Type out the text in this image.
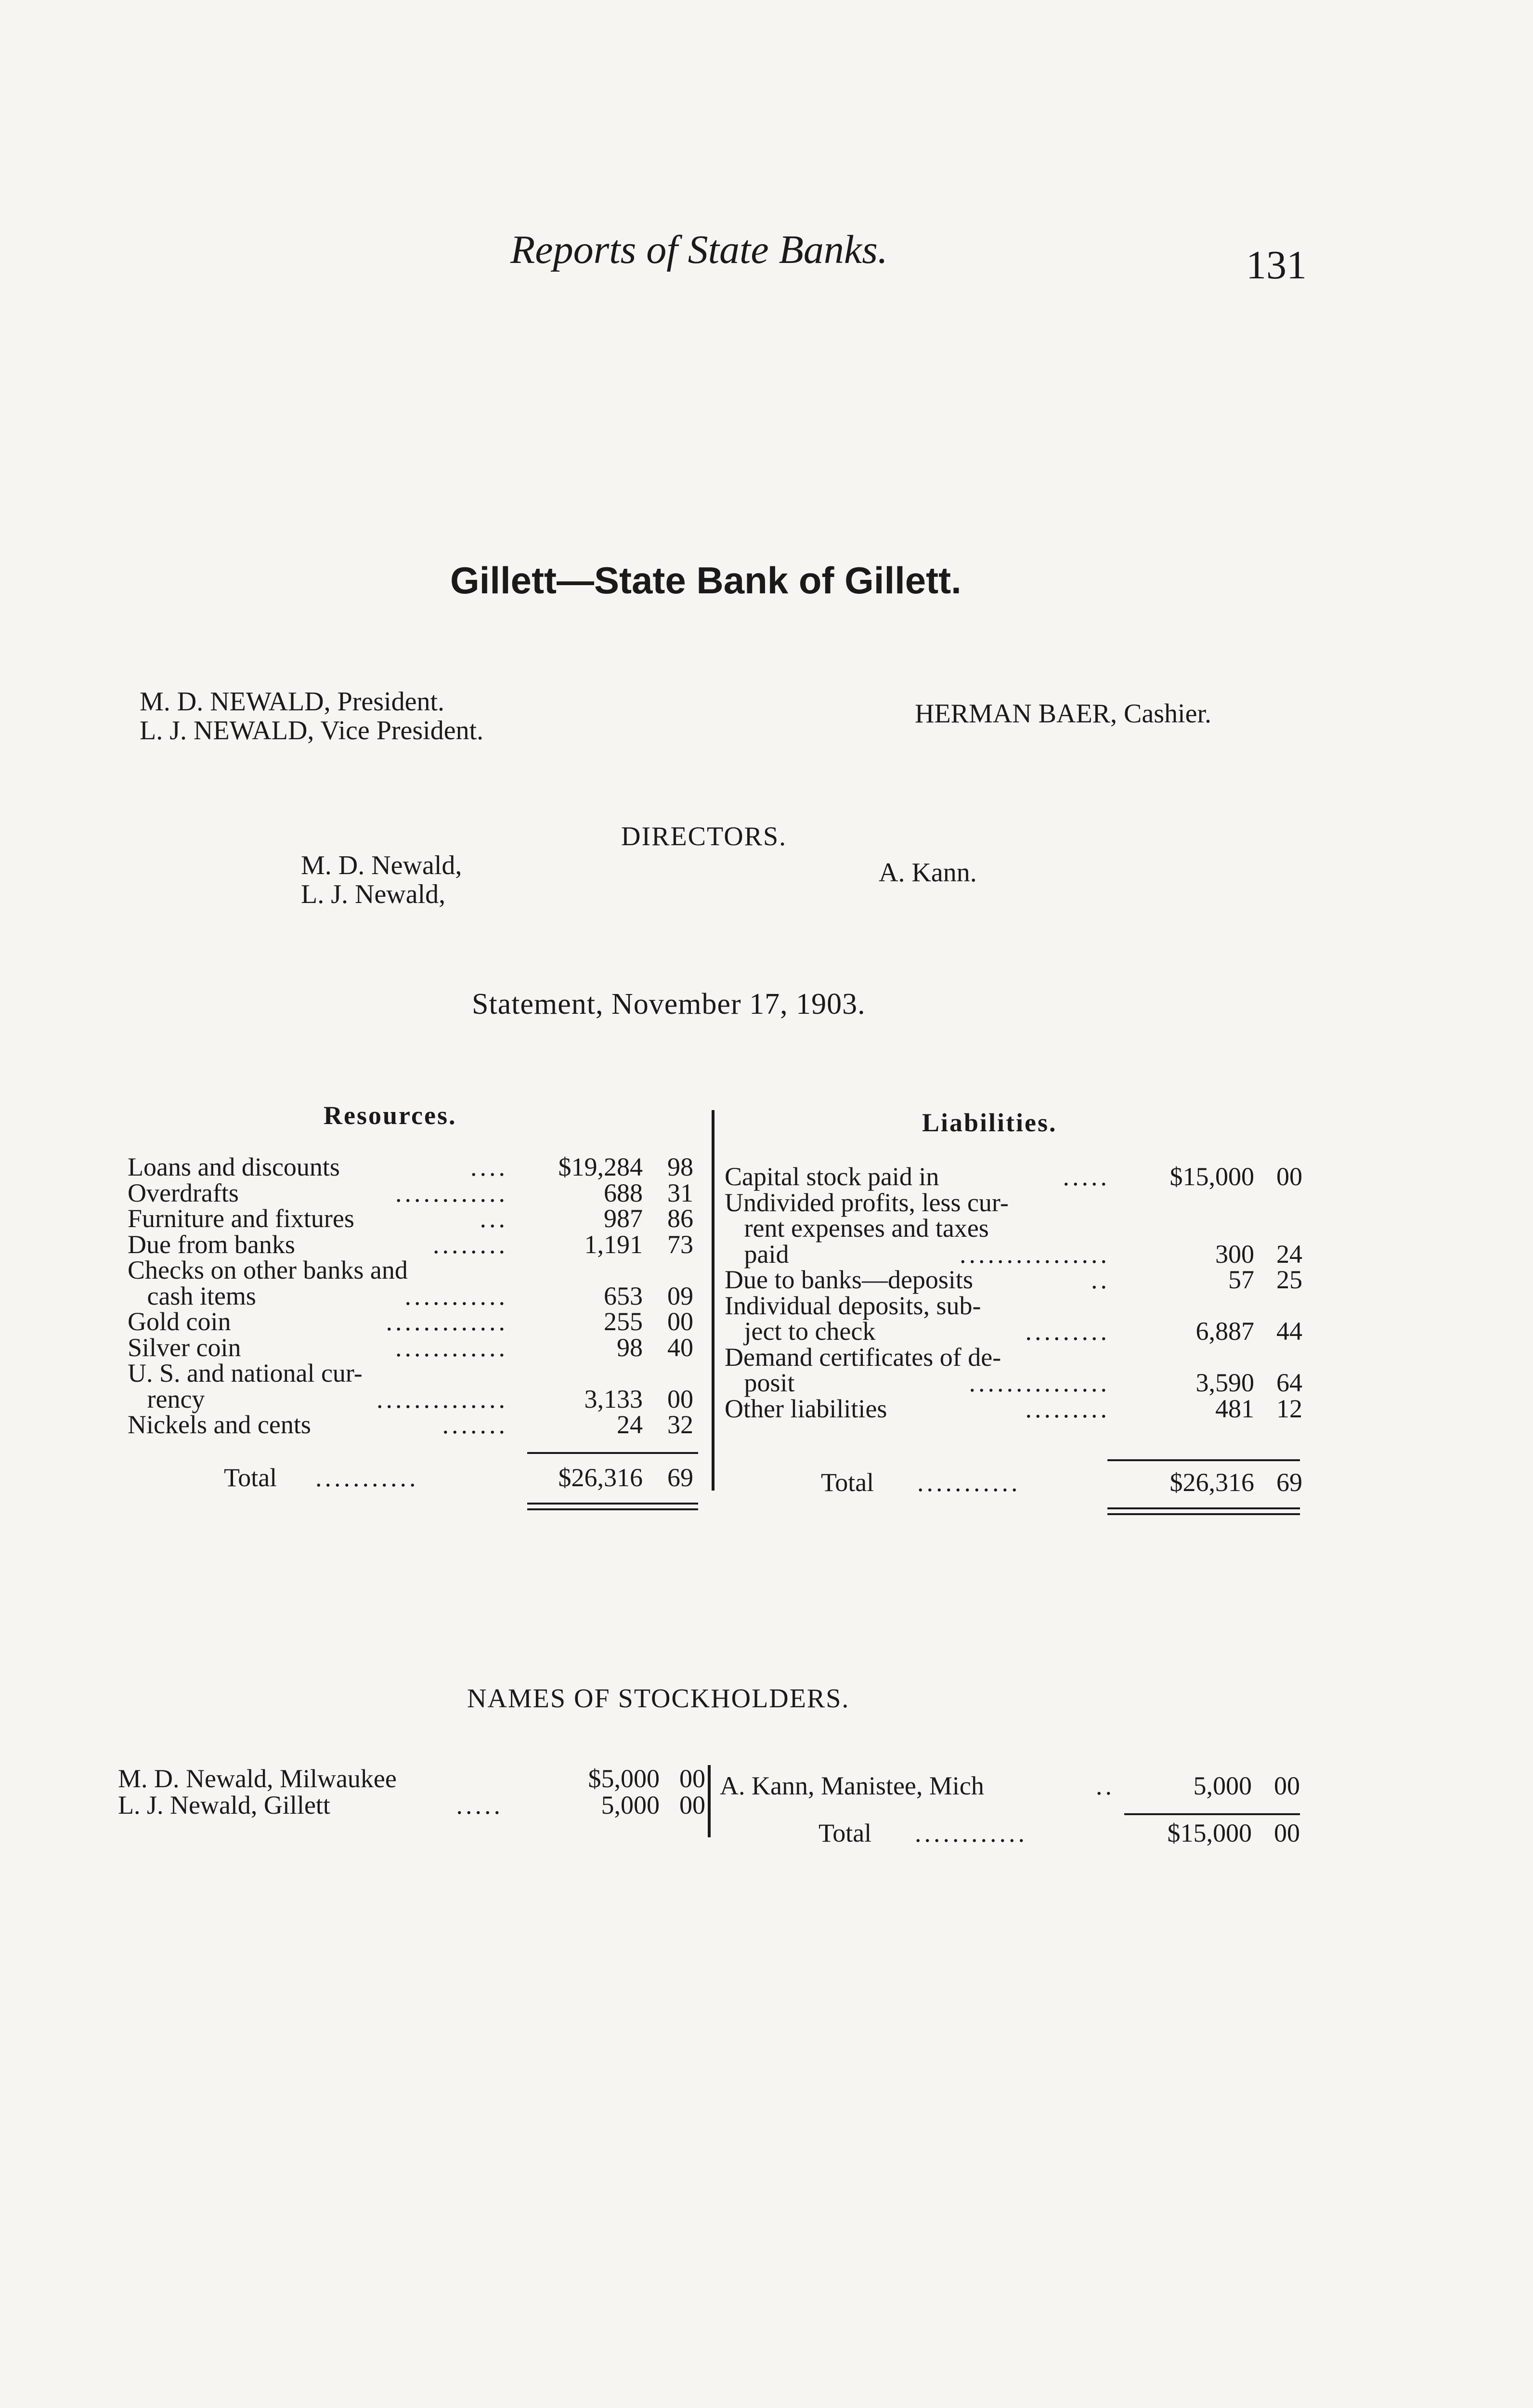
Reports of State Banks.	131
Gillett—State Bank of Gillett.
M. D. NEWALD, President.
L. J. NEWALD, Vice President.
HERMAN BAER, Cashier.
DIRECTORS.
M. D. Newald,
L. J. Newald,
A. Kann.
Statement, November 17, 1903.
Resources.	Liabilities.
Loans and discounts	....	$19,284 98
Overdrafts	............	688 31
Furniture and fixtures	...	987 86
Due from banks	........	1,191 73
Checks on other banks and
cash items	...........	653 09
Gold coin	.............	255 00
Silver coin	............	98 40
U. S. and national cur-
rency	..............	3,133 00
Nickels and cents	.......	24 32
Capital stock paid in	.....	$15,000 00
Undivided profits, less cur-
rent expenses and taxes
paid	................	300 24
Due to banks—deposits	..	57 25
Individual deposits, sub-
ject to check	.........	6,887 44
Demand certificates of de-
posit	...............	3,590 64
Other liabilities	.........	481 12
Total ...........	$26,316 69	Total ...........	$26,316 69
NAMES OF STOCKHOLDERS.
M. D. Newald, Milwaukee	$5,000 00
L. J. Newald, Gillett	.....	5,000 00
A. Kann, Manistee, Mich	..	5,000 00
Total ............	$15,000 00
